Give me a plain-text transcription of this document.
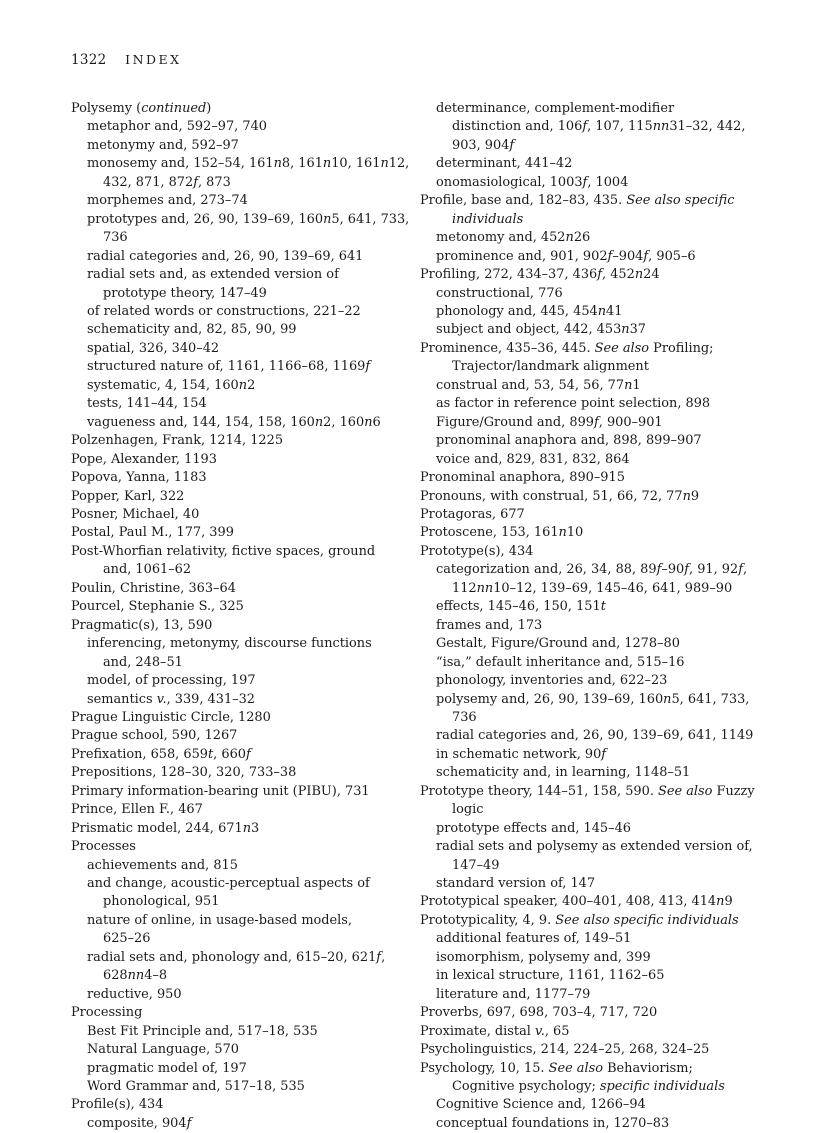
1322 INDEX
Polysemy (continued)
metaphor and, 592–97, 740
metonymy and, 592–97
monosemy and, 152–54, 161n8, 161n10, 161n12,
432, 871, 872f, 873
morphemes and, 273–74
prototypes and, 26, 90, 139–69, 160n5, 641, 733,
736
radial categories and, 26, 90, 139–69, 641
radial sets and, as extended version of
prototype theory, 147–49
of related words or constructions, 221–22
schematicity and, 82, 85, 90, 99
spatial, 326, 340–42
structured nature of, 1161, 1166–68, 1169f
systematic, 4, 154, 160n2
tests, 141–44, 154
vagueness and, 144, 154, 158, 160n2, 160n6
Polzenhagen, Frank, 1214, 1225
Pope, Alexander, 1193
Popova, Yanna, 1183
Popper, Karl, 322
Posner, Michael, 40
Postal, Paul M., 177, 399
Post-Whorfian relativity, fictive spaces, ground
and, 1061–62
Poulin, Christine, 363–64
Pourcel, Stephanie S., 325
Pragmatic(s), 13, 590
inferencing, metonymy, discourse functions
and, 248–51
model, of processing, 197
semantics v., 339, 431–32
Prague Linguistic Circle, 1280
Prague school, 590, 1267
Prefixation, 658, 659t, 660f
Prepositions, 128–30, 320, 733–38
Primary information-bearing unit (PIBU), 731
Prince, Ellen F., 467
Prismatic model, 244, 671n3
Processes
achievements and, 815
and change, acoustic-perceptual aspects of
phonological, 951
nature of online, in usage-based models,
625–26
radial sets and, phonology and, 615–20, 621f,
628nn4–8
reductive, 950
Processing
Best Fit Principle and, 517–18, 535
Natural Language, 570
pragmatic model of, 197
Word Grammar and, 517–18, 535
Profile(s), 434
composite, 904f
determinance, complement-modifier
distinction and, 106f, 107, 115nn31–32, 442,
903, 904f
determinant, 441–42
onomasiological, 1003f, 1004
Profile, base and, 182–83, 435. See also specific
individuals
metonomy and, 452n26
prominence and, 901, 902f–904f, 905–6
Profiling, 272, 434–37, 436f, 452n24
constructional, 776
phonology and, 445, 454n41
subject and object, 442, 453n37
Prominence, 435–36, 445. See also Profiling;
Trajector/landmark alignment
construal and, 53, 54, 56, 77n1
as factor in reference point selection, 898
Figure/Ground and, 899f, 900–901
pronominal anaphora and, 898, 899–907
voice and, 829, 831, 832, 864
Pronominal anaphora, 890–915
Pronouns, with construal, 51, 66, 72, 77n9
Protagoras, 677
Protoscene, 153, 161n10
Prototype(s), 434
categorization and, 26, 34, 88, 89f–90f, 91, 92f,
112nn10–12, 139–69, 145–46, 641, 989–90
effects, 145–46, 150, 151t
frames and, 173
Gestalt, Figure/Ground and, 1278–80
“isa,” default inheritance and, 515–16
phonology, inventories and, 622–23
polysemy and, 26, 90, 139–69, 160n5, 641, 733,
736
radial categories and, 26, 90, 139–69, 641, 1149
in schematic network, 90f
schematicity and, in learning, 1148–51
Prototype theory, 144–51, 158, 590. See also Fuzzy
logic
prototype effects and, 145–46
radial sets and polysemy as extended version of,
147–49
standard version of, 147
Prototypical speaker, 400–401, 408, 413, 414n9
Prototypicality, 4, 9. See also specific individuals
additional features of, 149–51
isomorphism, polysemy and, 399
in lexical structure, 1161, 1162–65
literature and, 1177–79
Proverbs, 697, 698, 703–4, 717, 720
Proximate, distal v., 65
Psycholinguistics, 214, 224–25, 268, 324–25
Psychology, 10, 15. See also Behaviorism;
Cognitive psychology; specific individuals
Cognitive Science and, 1266–94
conceptual foundations in, 1270–83
